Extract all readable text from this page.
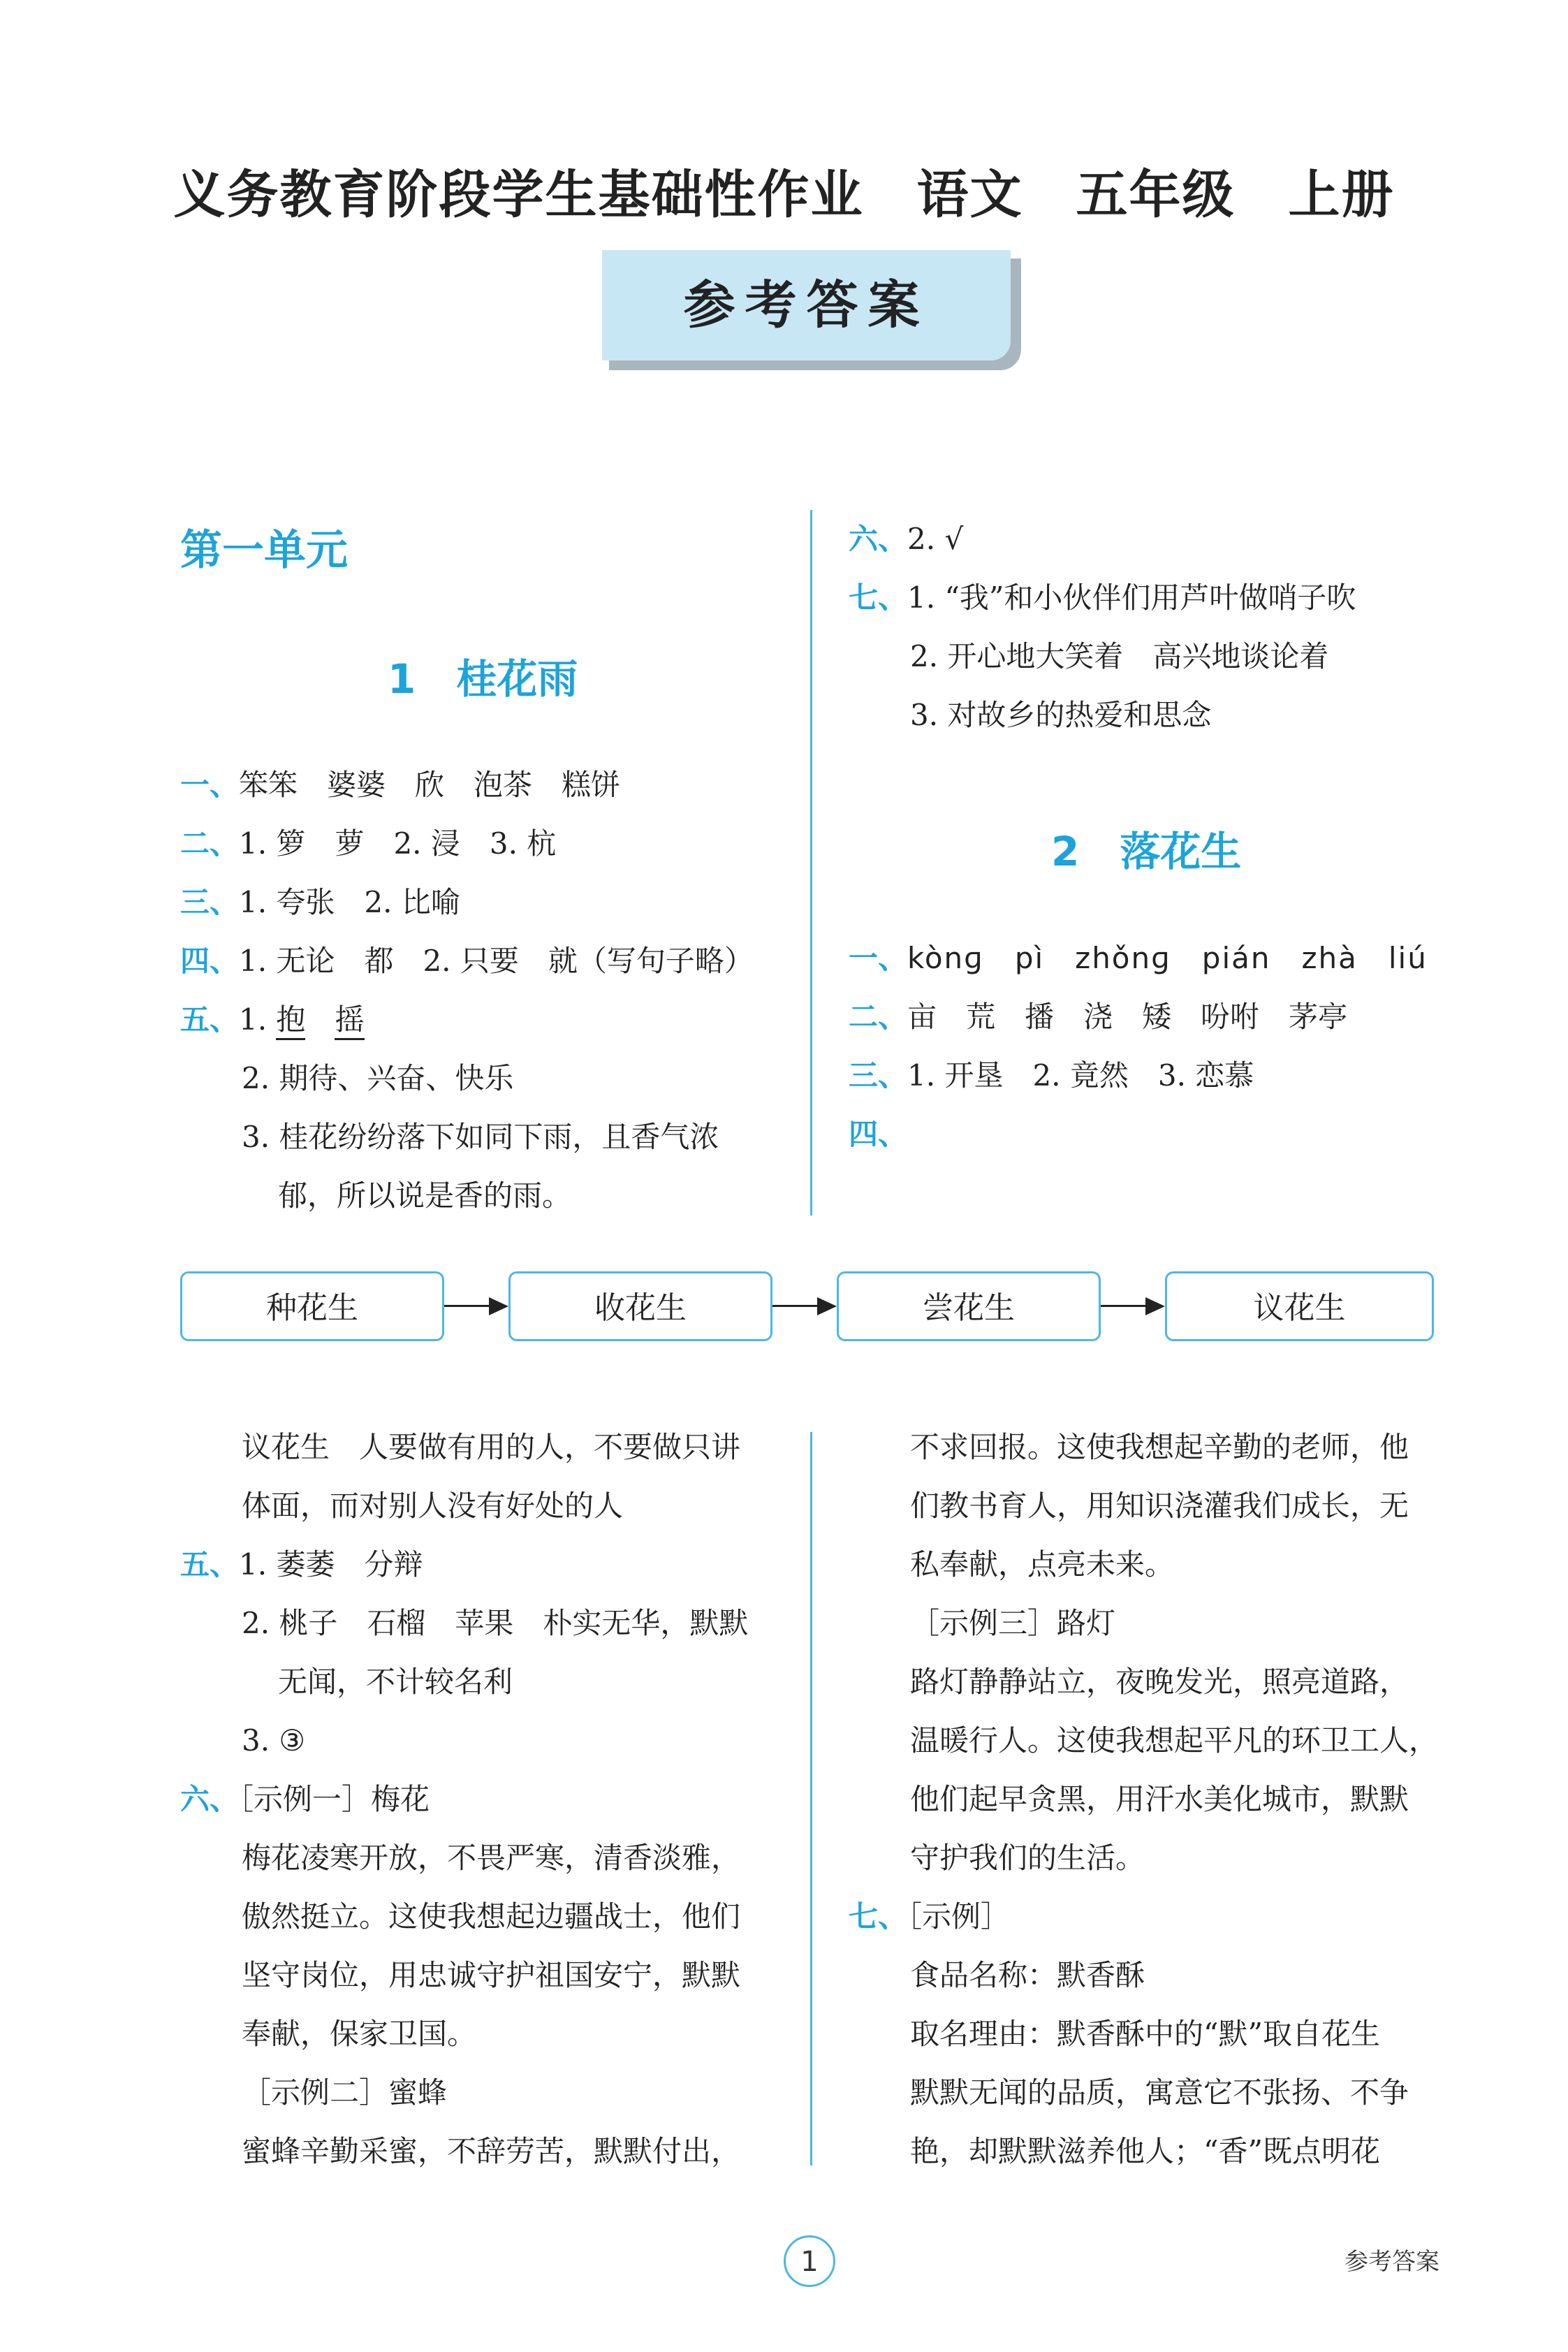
义务教育阶段学生基础性作业　语文　五年级　上册
参考答案
第一单元
1　桂花雨
一、笨笨　婆婆　欣　泡茶　糕饼
二、1. 箩　萝　2. 浸　3. 杭
三、1. 夸张　2. 比喻
四、1. 无论　都　2. 只要　就（写句子略）
五、1. 抱　 摇
2. 期待、兴奋、快乐
3. 桂花纷纷落下如同下雨，且香气浓
郁，所以说是香的雨。
六、2. √
七、1. “我”和小伙伴们用芦叶做哨子吹
2. 开心地大笑着　高兴地谈论着
3. 对故乡的热爱和思念
2　落花生
一、kònɡ　pì　zhǒnɡ　pián　zhà　liú
二、亩　荒　播　浇　矮　吩咐　茅亭
三、1. 开垦　2. 竟然　3. 恋慕
四、
种花生	收花生	尝花生	议花生
议花生　人要做有用的人，不要做只讲
体面，而对别人没有好处的人
五、1. 萎萎　分辩
2. 桃子　石榴　苹果　朴实无华，默默
无闻，不计较名利
3. ③
六、［示例一］梅花
梅花凌寒开放，不畏严寒，清香淡雅，
傲然挺立。这使我想起边疆战士，他们
坚守岗位，用忠诚守护祖国安宁，默默
奉献，保家卫国。
［示例二］蜜蜂
蜜蜂辛勤采蜜，不辞劳苦，默默付出，
不求回报。这使我想起辛勤的老师，他
们教书育人，用知识浇灌我们成长，无
私奉献，点亮未来。
［示例三］路灯
路灯静静站立，夜晚发光，照亮道路，
温暖行人。这使我想起平凡的环卫工人，
他们起早贪黑，用汗水美化城市，默默
守护我们的生活。
七、［示例］
食品名称：默香酥
取名理由：默香酥中的“默”取自花生
默默无闻的品质，寓意它不张扬、不争
艳，却默默滋养他人；“香”既点明花
1	参考答案
